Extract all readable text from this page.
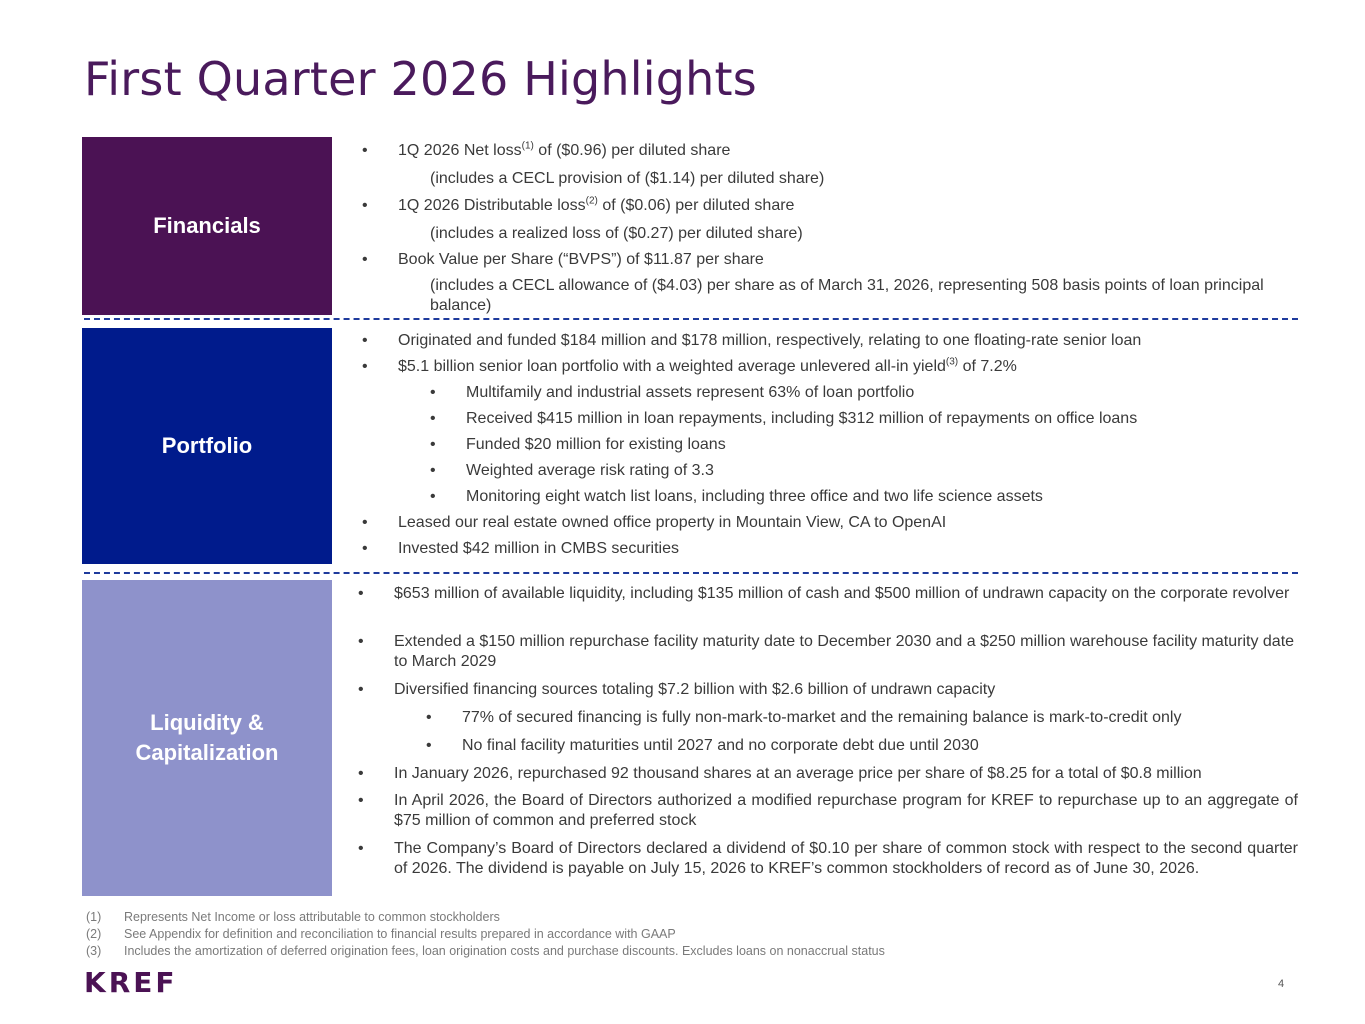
First Quarter 2026 Highlights
Financials
•	1Q 2026 Net loss$^{(1)}$ of ($0.96) per diluted share
(includes a CECL provision of ($1.14) per diluted share)
•	1Q 2026 Distributable loss$^{(2)}$ of ($0.06) per diluted share
(includes a realized loss of ($0.27) per diluted share)
•	Book Value per Share (“BVPS”) of $11.87 per share
(includes a CECL allowance of ($4.03) per share as of March 31, 2026, representing 508 basis points of loan principal balance)
Portfolio
•	Originated and funded $184 million and $178 million, respectively, relating to one floating-rate senior loan
•	$5.1 billion senior loan portfolio with a weighted average unlevered all-in yield$^{(3)}$ of 7.2%
•	Multifamily and industrial assets represent 63% of loan portfolio
•	Received $415 million in loan repayments, including $312 million of repayments on office loans
•	Funded $20 million for existing loans
•	Weighted average risk rating of 3.3
•	Monitoring eight watch list loans, including three office and two life science assets
•	Leased our real estate owned office property in Mountain View, CA to OpenAI
•	Invested $42 million in CMBS securities
Liquidity &
Capitalization
•	$653 million of available liquidity, including $135 million of cash and $500 million of undrawn capacity on the corporate revolver
•	Extended a $150 million repurchase facility maturity date to December 2030 and a $250 million warehouse facility maturity date to March 2029
•	Diversified financing sources totaling $7.2 billion with $2.6 billion of undrawn capacity
•	77% of secured financing is fully non-mark-to-market and the remaining balance is mark-to-credit only
•	No final facility maturities until 2027 and no corporate debt due until 2030
•	In January 2026, repurchased 92 thousand shares at an average price per share of $8.25 for a total of $0.8 million
•	In April 2026, the Board of Directors authorized a modified repurchase program for KREF to repurchase up to an aggregate of $75 million of common and preferred stock
•	The Company’s Board of Directors declared a dividend of $0.10 per share of common stock with respect to the second quarter of 2026. The dividend is payable on July 15, 2026 to KREF’s common stockholders of record as of June 30, 2026.
(1)	Represents Net Income or loss attributable to common stockholders
(2)	See Appendix for definition and reconciliation to financial results prepared in accordance with GAAP
(3)	Includes the amortization of deferred origination fees, loan origination costs and purchase discounts. Excludes loans on nonaccrual status
KREF	4
